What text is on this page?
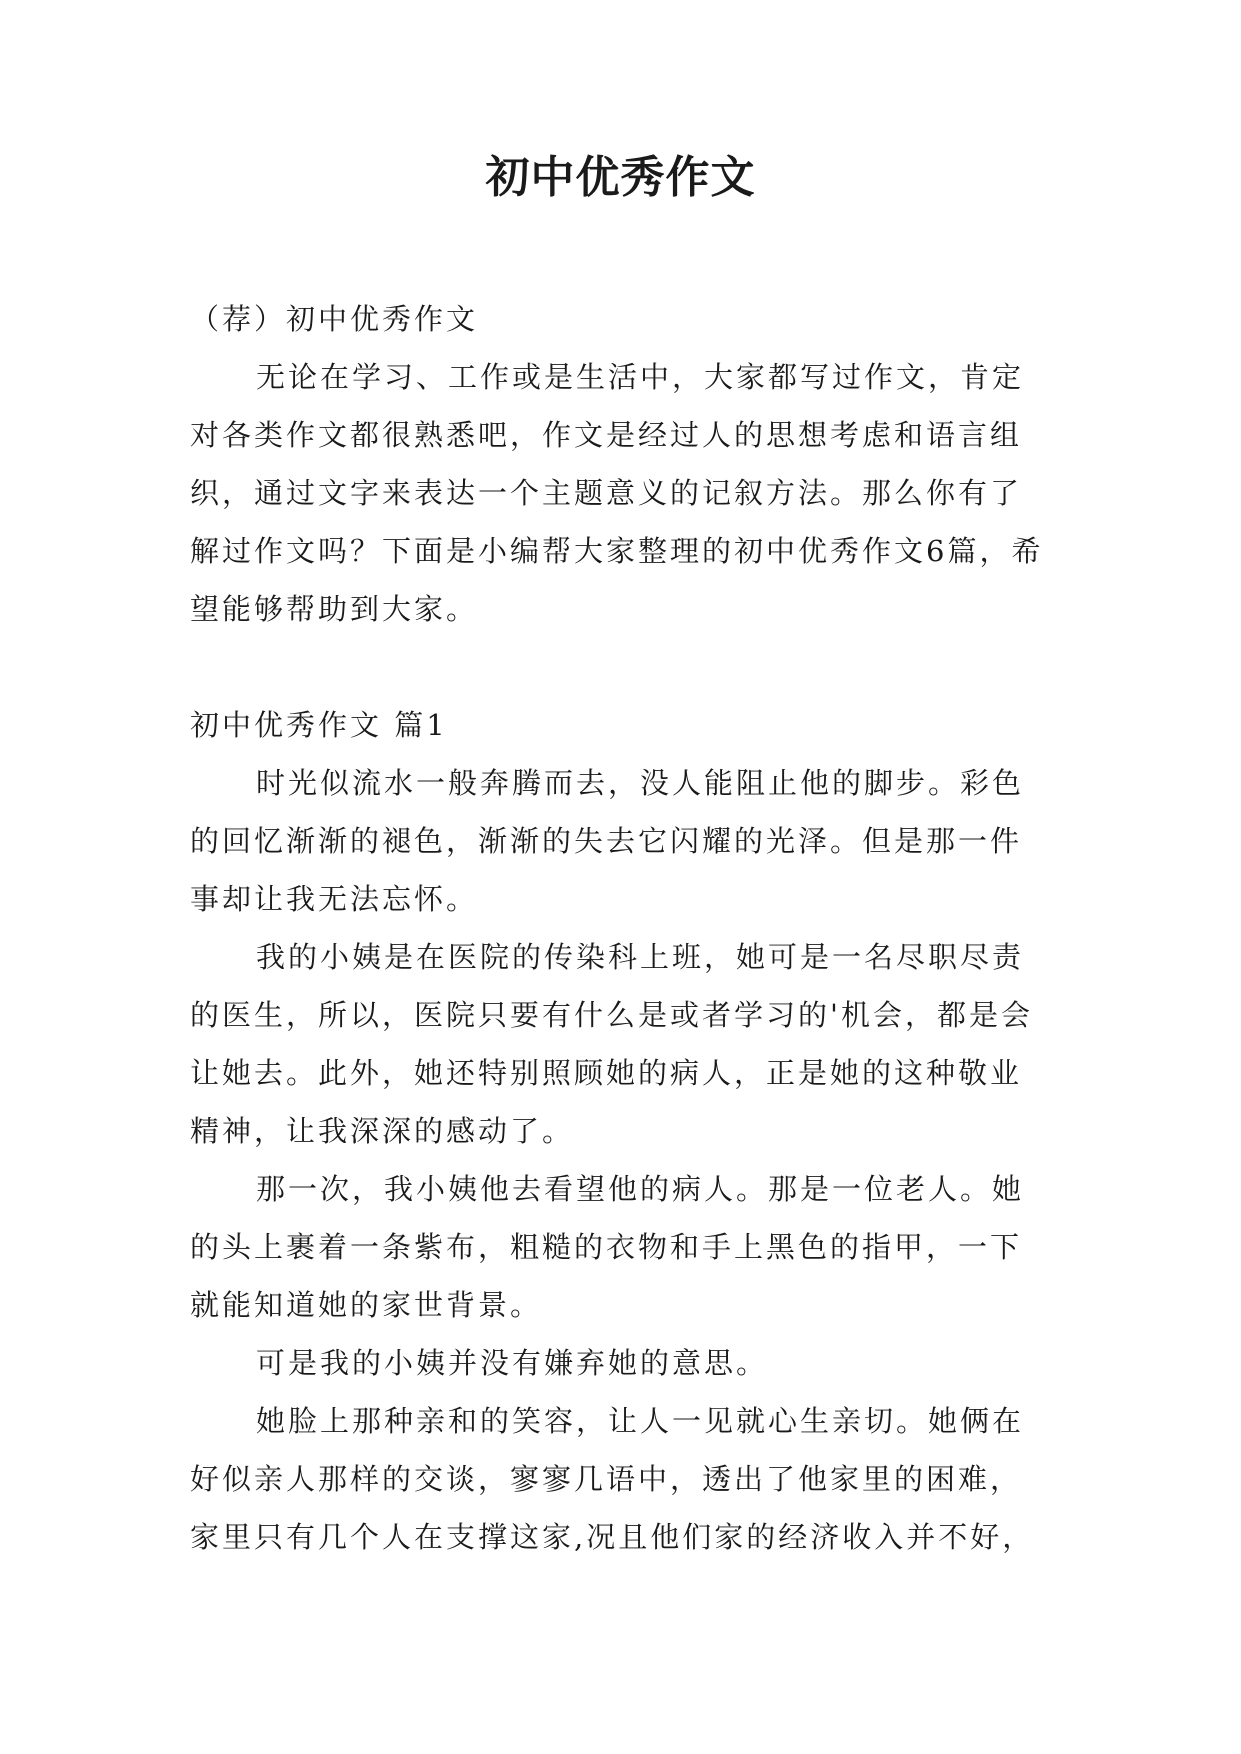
初中优秀作文

（荐）初中优秀作文

无论在学习、工作或是生活中，大家都写过作文，肯定对各类作文都很熟悉吧，作文是经过人的思想考虑和语言组织，通过文字来表达一个主题意义的记叙方法。那么你有了解过作文吗？下面是小编帮大家整理的初中优秀作文6篇，希望能够帮助到大家。

初中优秀作文 篇1

时光似流水一般奔腾而去，没人能阻止他的脚步。彩色的回忆渐渐的褪色，渐渐的失去它闪耀的光泽。但是那一件事却让我无法忘怀。

我的小姨是在医院的传染科上班，她可是一名尽职尽责的医生，所以，医院只要有什么是或者学习的'机会，都是会让她去。此外，她还特别照顾她的病人，正是她的这种敬业精神，让我深深的感动了。

那一次，我小姨他去看望他的病人。那是一位老人。她的头上裹着一条紫布，粗糙的衣物和手上黑色的指甲，一下就能知道她的家世背景。

可是我的小姨并没有嫌弃她的意思。

她脸上那种亲和的笑容，让人一见就心生亲切。她俩在好似亲人那样的交谈，寥寥几语中，透出了他家里的困难，家里只有几个人在支撑这家,况且他们家的经济收入并不好，
